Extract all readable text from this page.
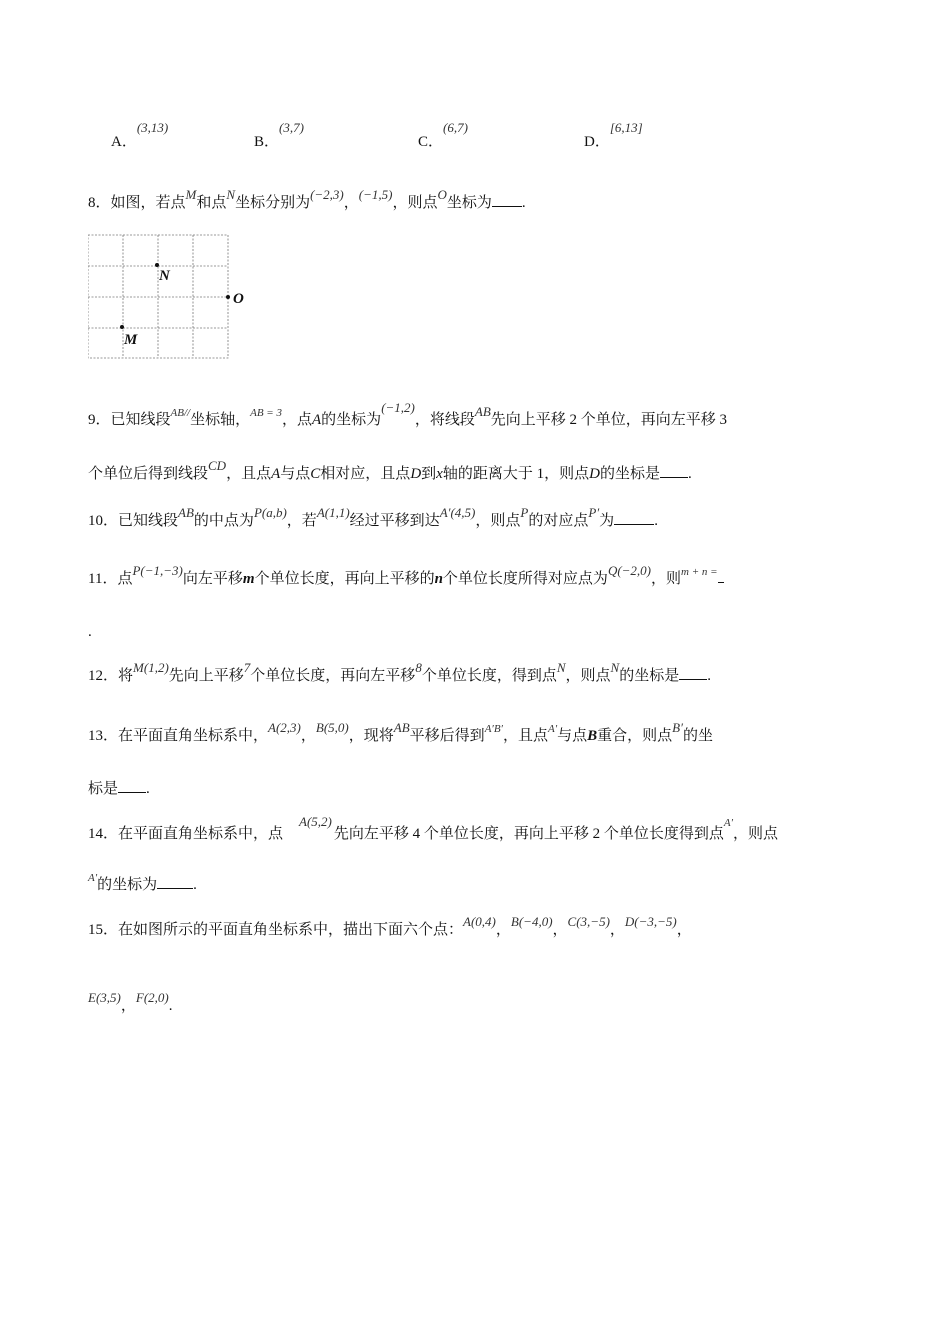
A．(3,13)
B．(3,7)
C．(6,7)
D．[6,13]
8．如图，若点M和点N坐标分别为(−2,3)，(−1,5)，则点O坐标为 .
N
O
M
9．已知线段$^{AB//}$坐标轴，$^{AB = 3}$，点A的坐标为(−1,2)，将线段AB先向上平移 2 个单位，再向左平移 3
个单位后得到线段CD，且点A与点C相对应，且点D到x轴的距离大于 1，则点D的坐标是 .
10．已知线段AB的中点为P(a,b)，若A(1,1)经过平移到达A′(4,5)，则点P的对应点P′为	.
11．点P(−1,−3)向左平移m个单位长度，再向上平移的n个单位长度所得对应点为Q(−2,0)，则$^{m + n =}$
.
12．将M(1,2)先向上平移7个单位长度，再向左平移8个单位长度，得到点N，则点N的坐标是 .
13．在平面直角坐标系中，A(2,3)，B(5,0)，现将AB平移后得到$^{A'B'}$，且点$^{A'}$与点B重合，则点B′的坐
标是 .
14．在平面直角坐标系中，点A(5,2)先向左平移 4 个单位长度，再向上平移 2 个单位长度得到点$^{A'}$，则点
$^{A'}$的坐标为 .
15．在如图所示的平面直角坐标系中，描出下面六个点：A(0,4)，B(−4,0)，C(3,−5)，D(−3,−5)，
E(3,5)，F(2,0).
